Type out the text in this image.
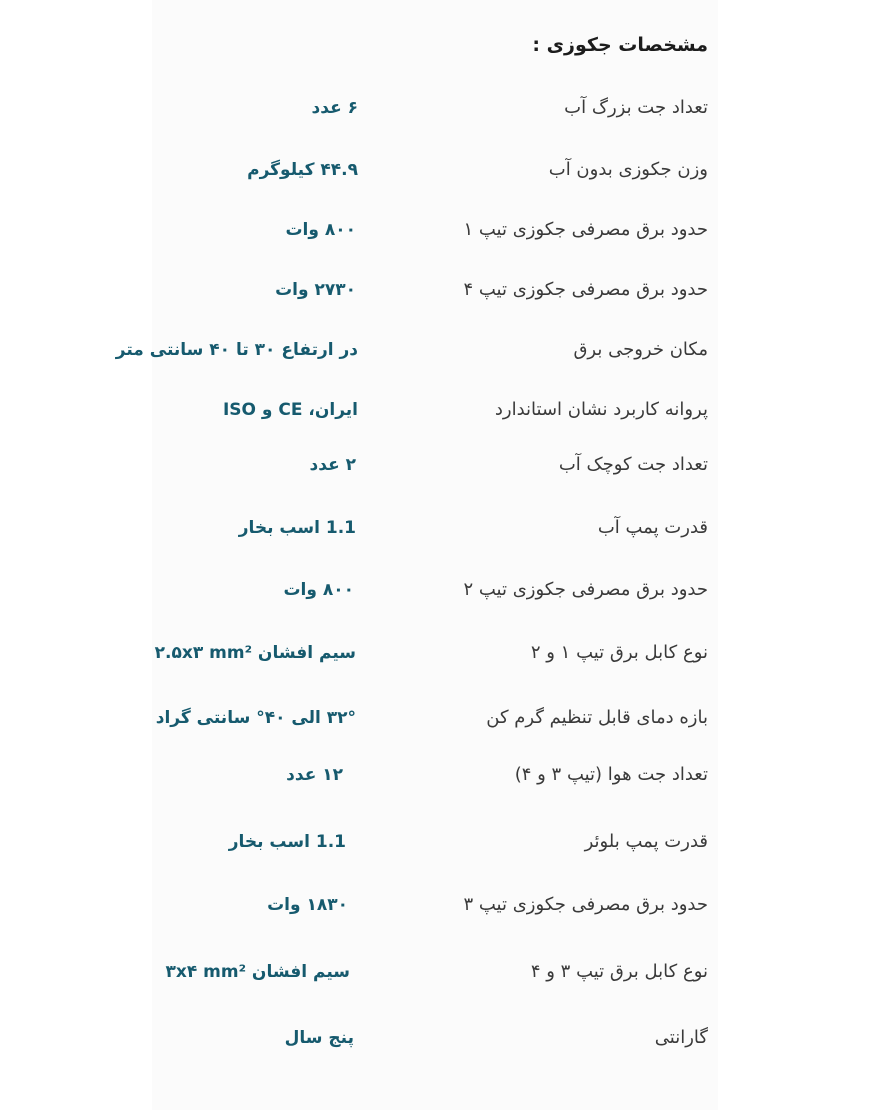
مشخصات جکوزی :
تعداد جت بزرگ آب
۶ عدد
وزن جکوزی بدون آب
۴۴.۹ کیلوگرم
حدود برق مصرفی جکوزی تیپ ۱
۸۰۰ وات
حدود برق مصرفی جکوزی تیپ ۴
۲۷۳۰ وات
مکان خروجی برق
در ارتفاع ۳۰ تا ۴۰ سانتی متر
پروانه کاربرد نشان استاندارد
ایران، CE و ISO
تعداد جت کوچک آب
۲ عدد
قدرت پمپ آب
1.1 اسب بخار
حدود برق مصرفی جکوزی تیپ ۲
۸۰۰ وات
نوع کابل برق تیپ ۱ و ۲
سیم افشان ۲.۵x۳ mm²
بازه دمای قابل تنظیم گرم کن
۳۲° الی ۴۰° سانتی گراد
تعداد جت هوا (تیپ ۳ و ۴)
۱۲ عدد
قدرت پمپ بلوئر
1.1 اسب بخار
حدود برق مصرفی جکوزی تیپ ۳
۱۸۳۰ وات
نوع کابل برق تیپ ۳ و ۴
سیم افشان ۳x۴ mm²
گارانتی
پنج سال
